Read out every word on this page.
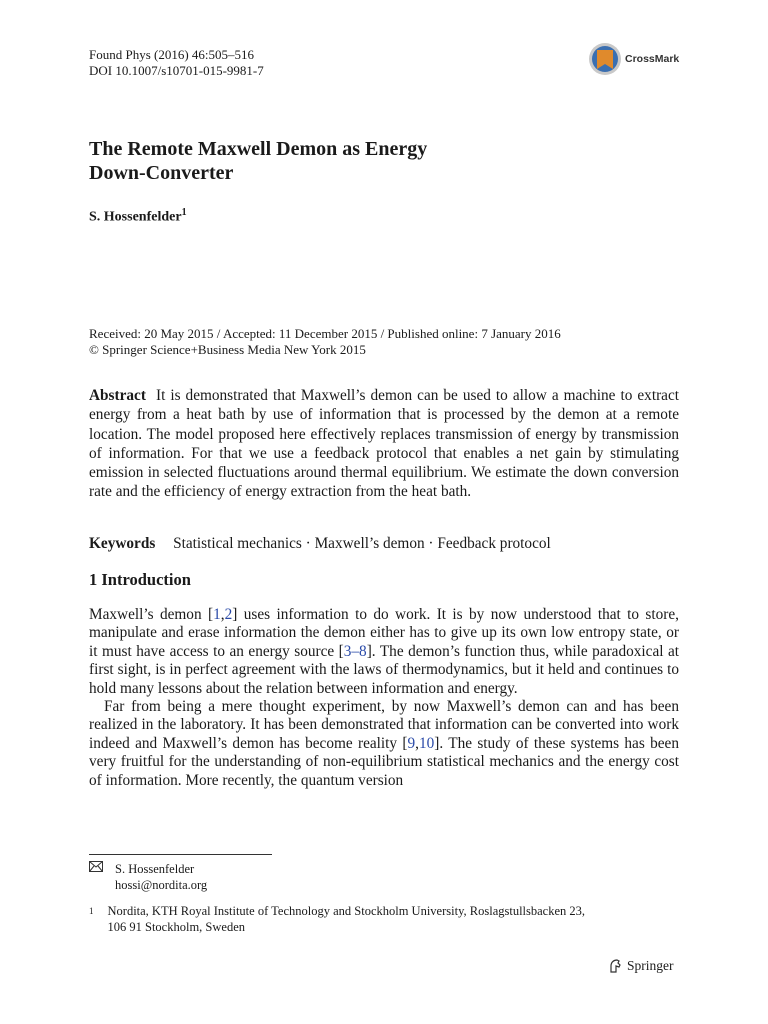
Found Phys (2016) 46:505–516
DOI 10.1007/s10701-015-9981-7
CrossMark
The Remote Maxwell Demon as Energy
Down-Converter
S. Hossenfelder$^1$
Received: 20 May 2015 / Accepted: 11 December 2015 / Published online: 7 January 2016
© Springer Science+Business Media New York 2015

Abstract It is demonstrated that Maxwell’s demon can be used to allow a machine to extract energy from a heat bath by use of information that is processed by the demon at a remote location. The model proposed here effectively replaces transmission of energy by transmission of information. For that we use a feedback protocol that enables a net gain by stimulating emission in selected fluctuations around thermal equilibrium. We estimate the down conversion rate and the efficiency of energy extraction from the heat bath.

Keywords Statistical mechanics · Maxwell’s demon · Feedback protocol
1 Introduction

Maxwell’s demon [1,2] uses information to do work. It is by now understood that to store, manipulate and erase information the demon either has to give up its own low entropy state, or it must have access to an energy source [3–8]. The demon’s function thus, while paradoxical at first sight, is in perfect agreement with the laws of thermodynamics, but it held and continues to hold many lessons about the relation between information and energy.

Far from being a mere thought experiment, by now Maxwell’s demon can and has been realized in the laboratory. It has been demonstrated that information can be converted into work indeed and Maxwell’s demon has become reality [9,10]. The study of these systems has been very fruitful for the understanding of non-equilibrium statistical mechanics and the energy cost of information. More recently, the quantum version

S. Hossenfelder
hossi@nordita.org
1 Nordita, KTH Royal Institute of Technology and Stockholm University, Roslagstullsbacken 23,
106 91 Stockholm, Sweden
Springer
